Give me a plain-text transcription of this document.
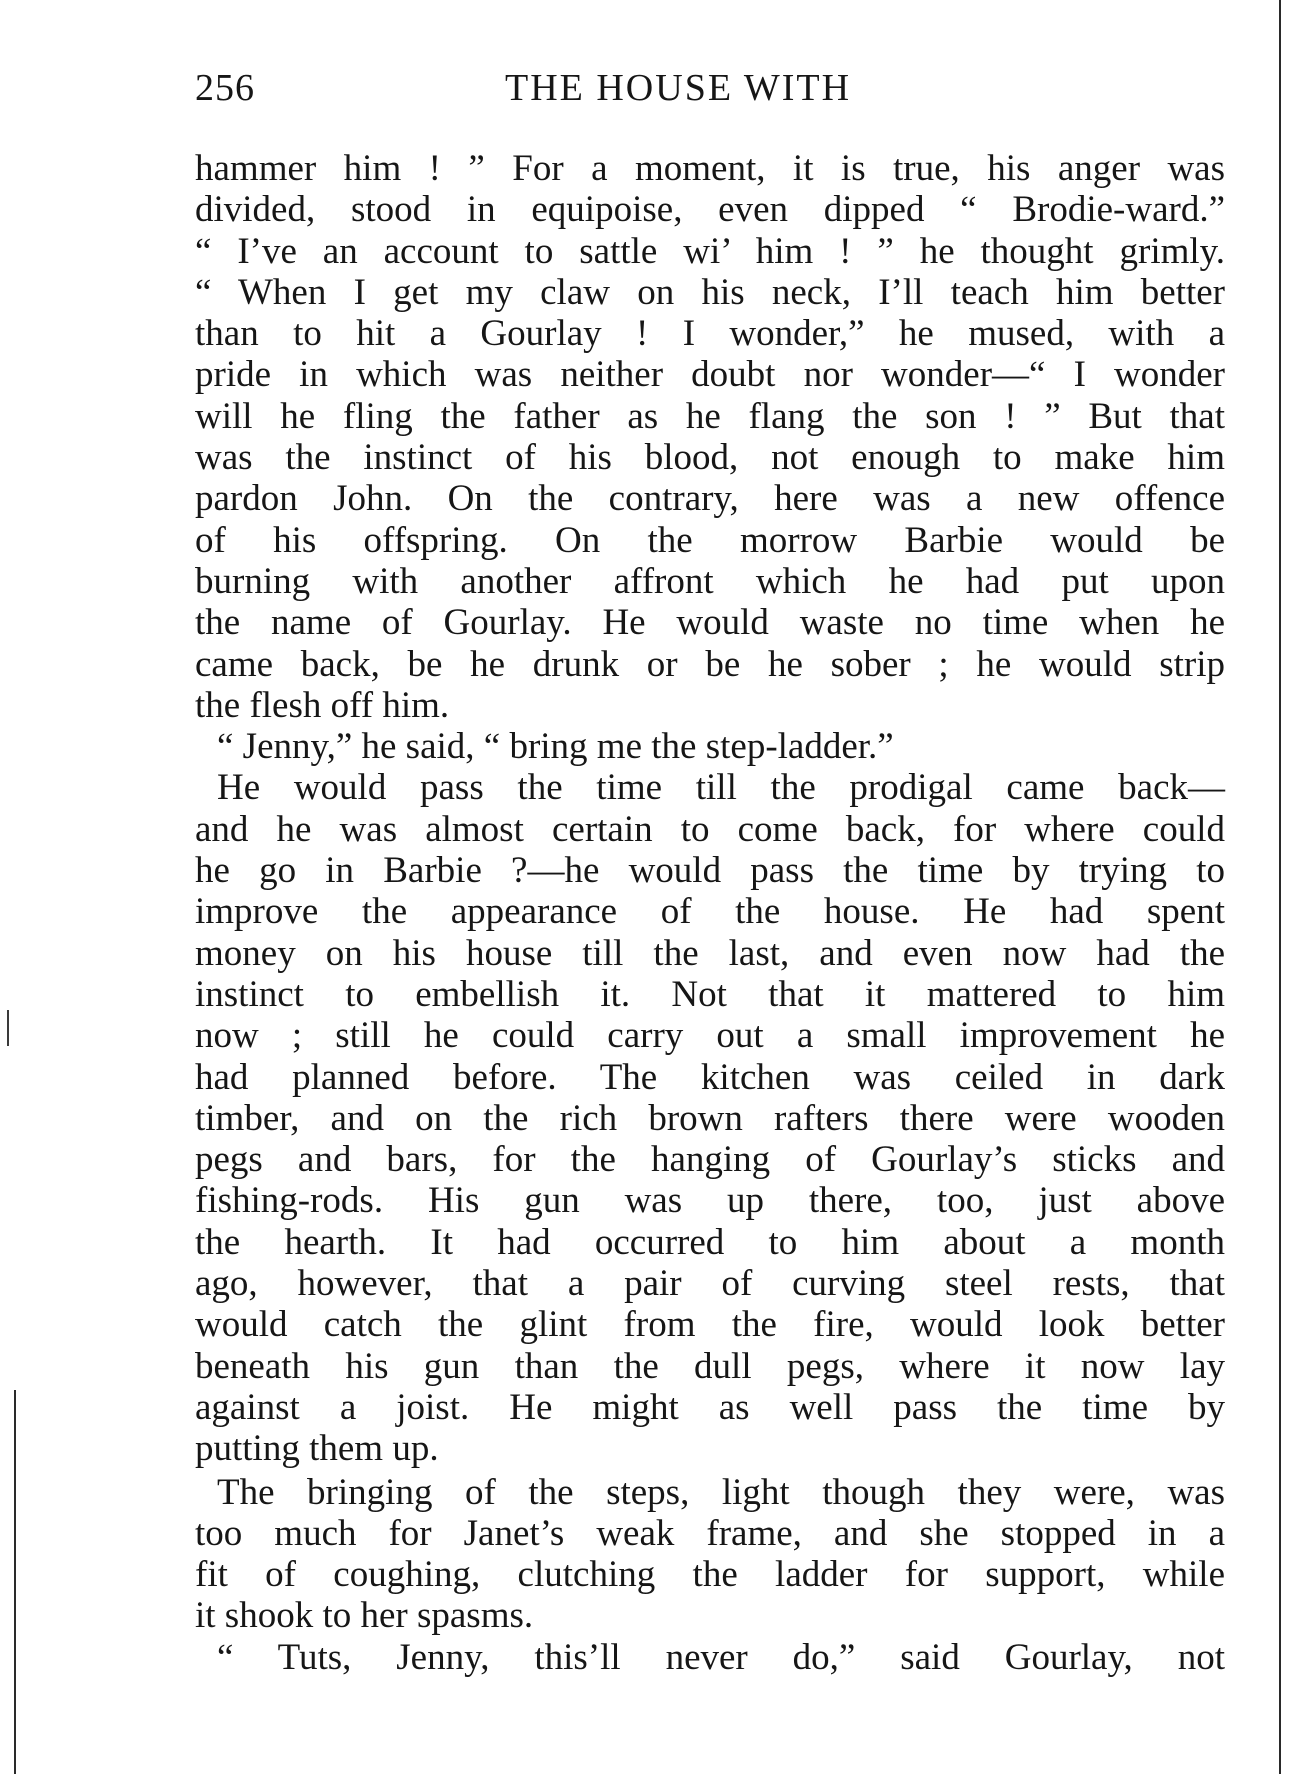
256	THE HOUSE WITH
hammer him ! ” For a moment, it is true, his anger was
divided, stood in equipoise, even dipped “ Brodie-ward.”
“ I’ve an account to sattle wi’ him ! ” he thought grimly.
“ When I get my claw on his neck, I’ll teach him better
than to hit a Gourlay ! I wonder,” he mused, with a
pride in which was neither doubt nor wonder—“ I wonder
will he fling the father as he flang the son ! ” But that
was the instinct of his blood, not enough to make him
pardon John. On the contrary, here was a new offence
of his offspring. On the morrow Barbie would be
burning with another affront which he had put upon
the name of Gourlay. He would waste no time when he
came back, be he drunk or be he sober ; he would strip
the flesh off him.
“ Jenny,” he said, “ bring me the step-ladder.”
He would pass the time till the prodigal came back—
and he was almost certain to come back, for where could
he go in Barbie ?—he would pass the time by trying to
improve the appearance of the house. He had spent
money on his house till the last, and even now had the
instinct to embellish it. Not that it mattered to him
now ; still he could carry out a small improvement he
had planned before. The kitchen was ceiled in dark
timber, and on the rich brown rafters there were wooden
pegs and bars, for the hanging of Gourlay’s sticks and
fishing-rods. His gun was up there, too, just above
the hearth. It had occurred to him about a month
ago, however, that a pair of curving steel rests, that
would catch the glint from the fire, would look better
beneath his gun than the dull pegs, where it now lay
against a joist. He might as well pass the time by
putting them up.
The bringing of the steps, light though they were, was
too much for Janet’s weak frame, and she stopped in a
fit of coughing, clutching the ladder for support, while
it shook to her spasms.
“ Tuts, Jenny, this’ll never do,” said Gourlay, not
